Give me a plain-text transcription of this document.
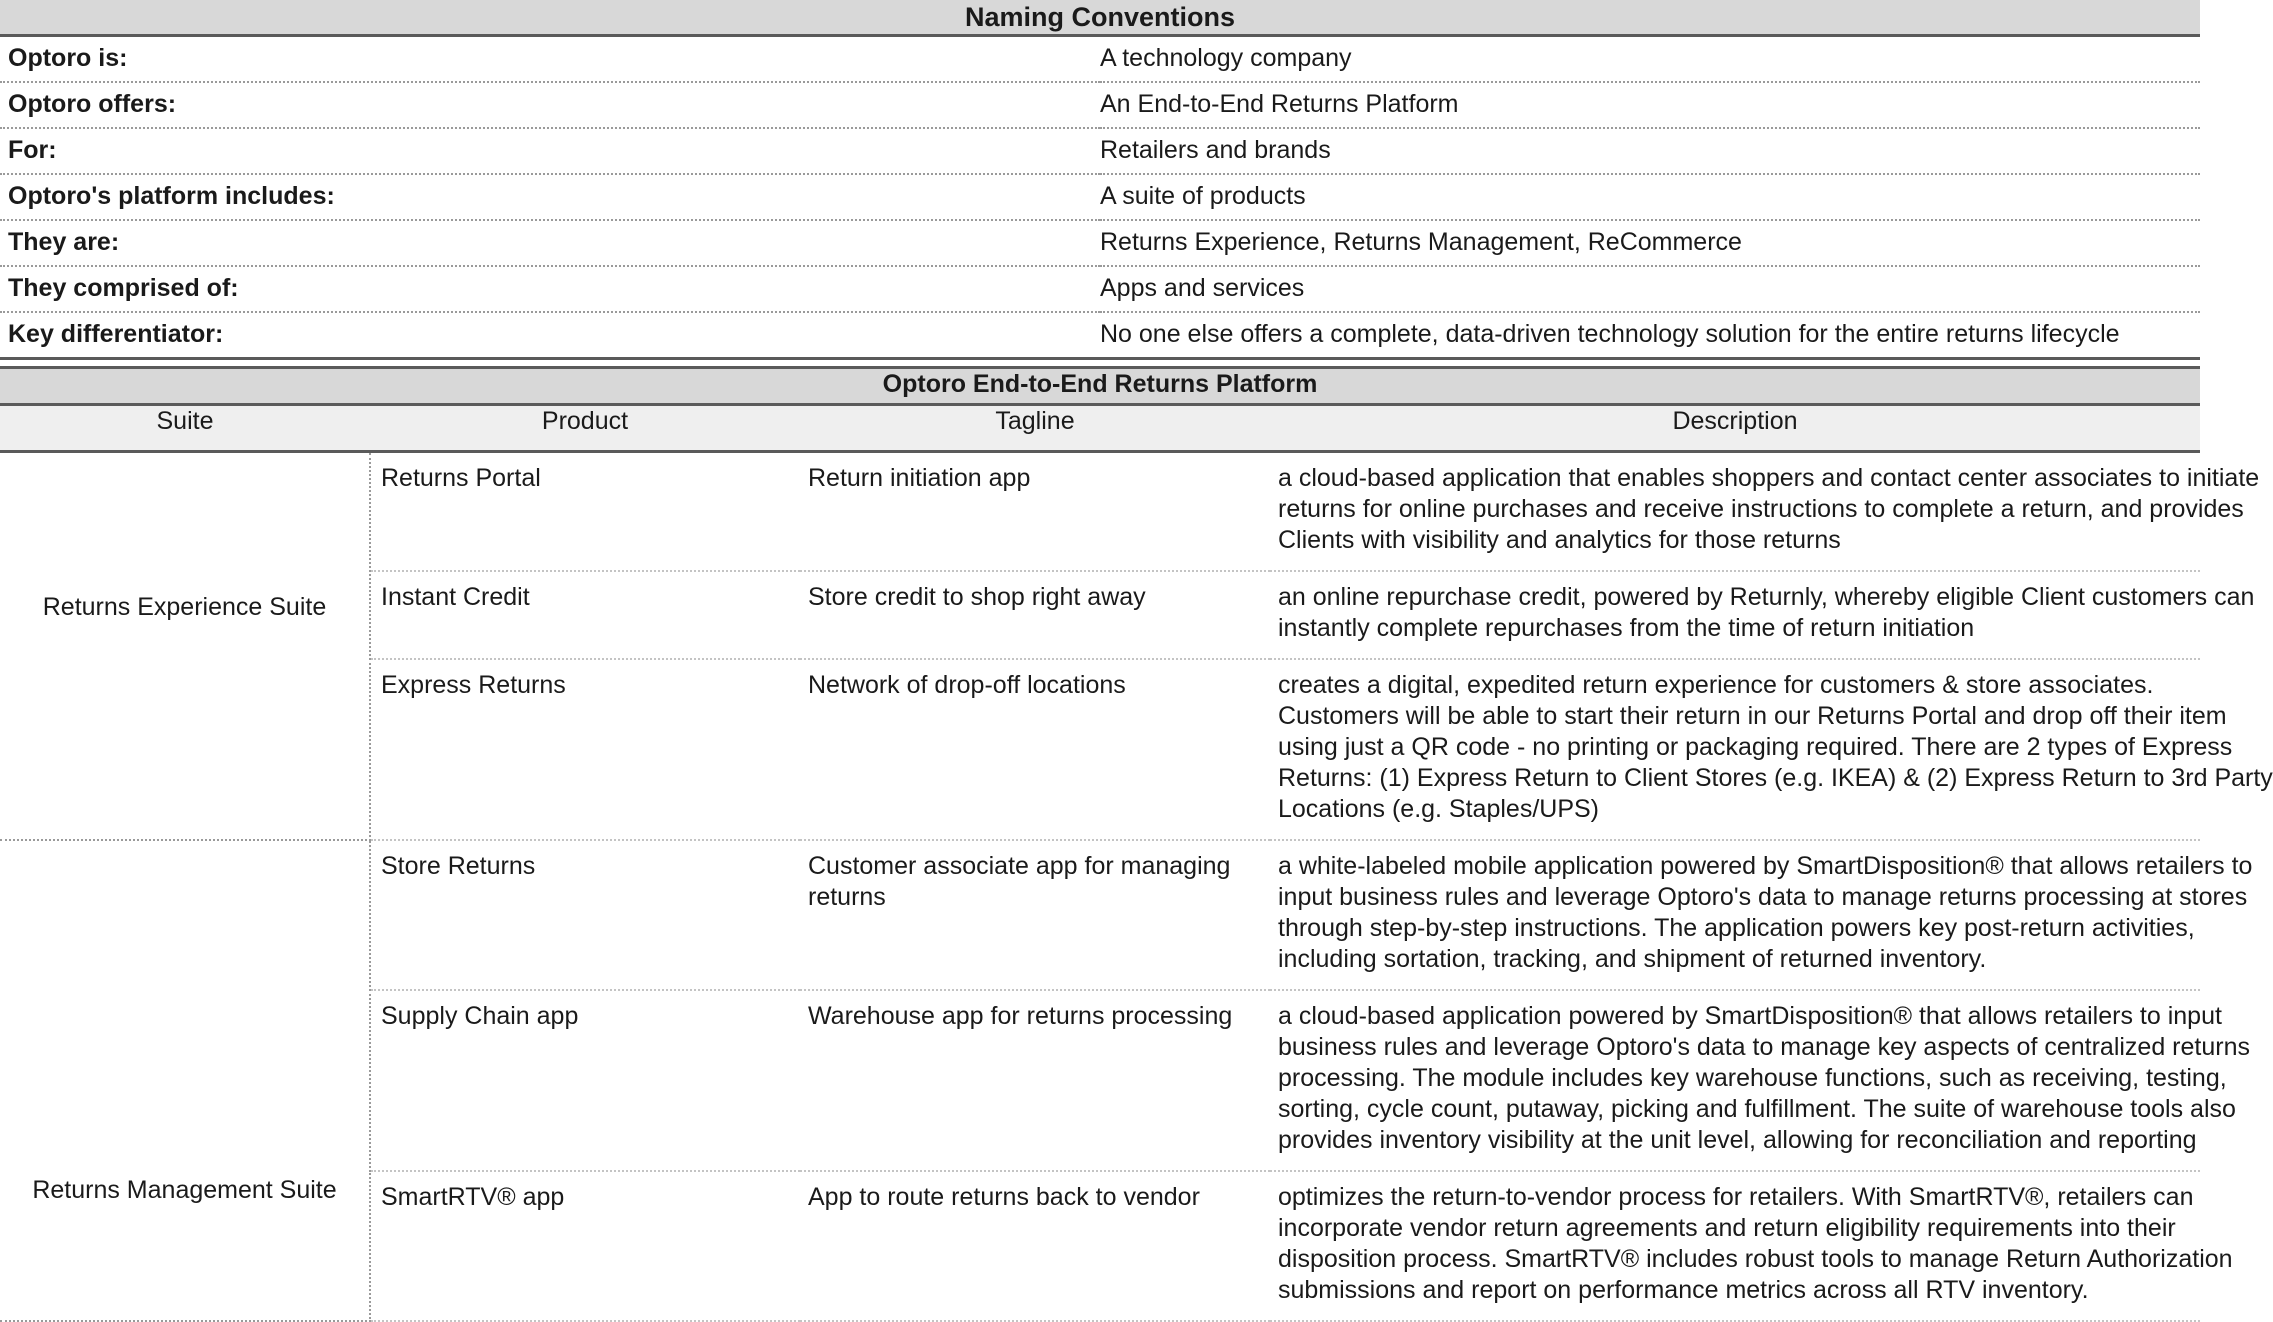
Naming Conventions	
Optoro is:	A technology company
Optoro offers:	An End-to-End Returns Platform
For:	Retailers and brands
Optoro's platform includes:	A suite of products
They are:	Returns Experience, Returns Management, ReCommerce
They comprised of:	Apps and services
Key differentiator:	No one else offers a complete, data-driven technology solution for the entire returns lifecycle
Optoro End-to-End Returns Platform			
Suite	Product	Tagline	Description

Returns Experience Suite	Returns Portal	Return initiation app	a cloud-based application that enables shoppers and contact center associates to initiate
returns for online purchases and receive instructions to complete a return, and provides
Clients with visibility and analytics for those returns

	Instant Credit	Store credit to shop right away	an online repurchase credit, powered by Returnly, whereby eligible Client customers can
instantly complete repurchases from the time of return initiation

	Express Returns	Network of drop-off locations	creates a digital, expedited return experience for customers & store associates.
Customers will be able to start their return in our Returns Portal and drop off their item
using just a QR code - no printing or packaging required. There are 2 types of Express
Returns: (1) Express Return to Client Stores (e.g. IKEA) & (2) Express Return to 3rd Party
Locations (e.g. Staples/UPS)

Returns Management Suite	Store Returns	Customer associate app for managing returns	a white-labeled mobile application powered by SmartDisposition® that allows retailers to
input business rules and leverage Optoro's data to manage returns processing at stores
through step-by-step instructions. The application powers key post-return activities,
including sortation, tracking, and shipment of returned inventory.

	Supply Chain app	Warehouse app for returns processing	a cloud-based application powered by SmartDisposition® that allows retailers to input
business rules and leverage Optoro's data to manage key aspects of centralized returns
processing. The module includes key warehouse functions, such as receiving, testing,
sorting, cycle count, putaway, picking and fulfillment. The suite of warehouse tools also
provides inventory visibility at the unit level, allowing for reconciliation and reporting

	SmartRTV® app	App to route returns back to vendor	optimizes the return-to-vendor process for retailers. With SmartRTV®, retailers can
incorporate vendor return agreements and return eligibility requirements into their
disposition process. SmartRTV® includes robust tools to manage Return Authorization
submissions and report on performance metrics across all RTV inventory.
